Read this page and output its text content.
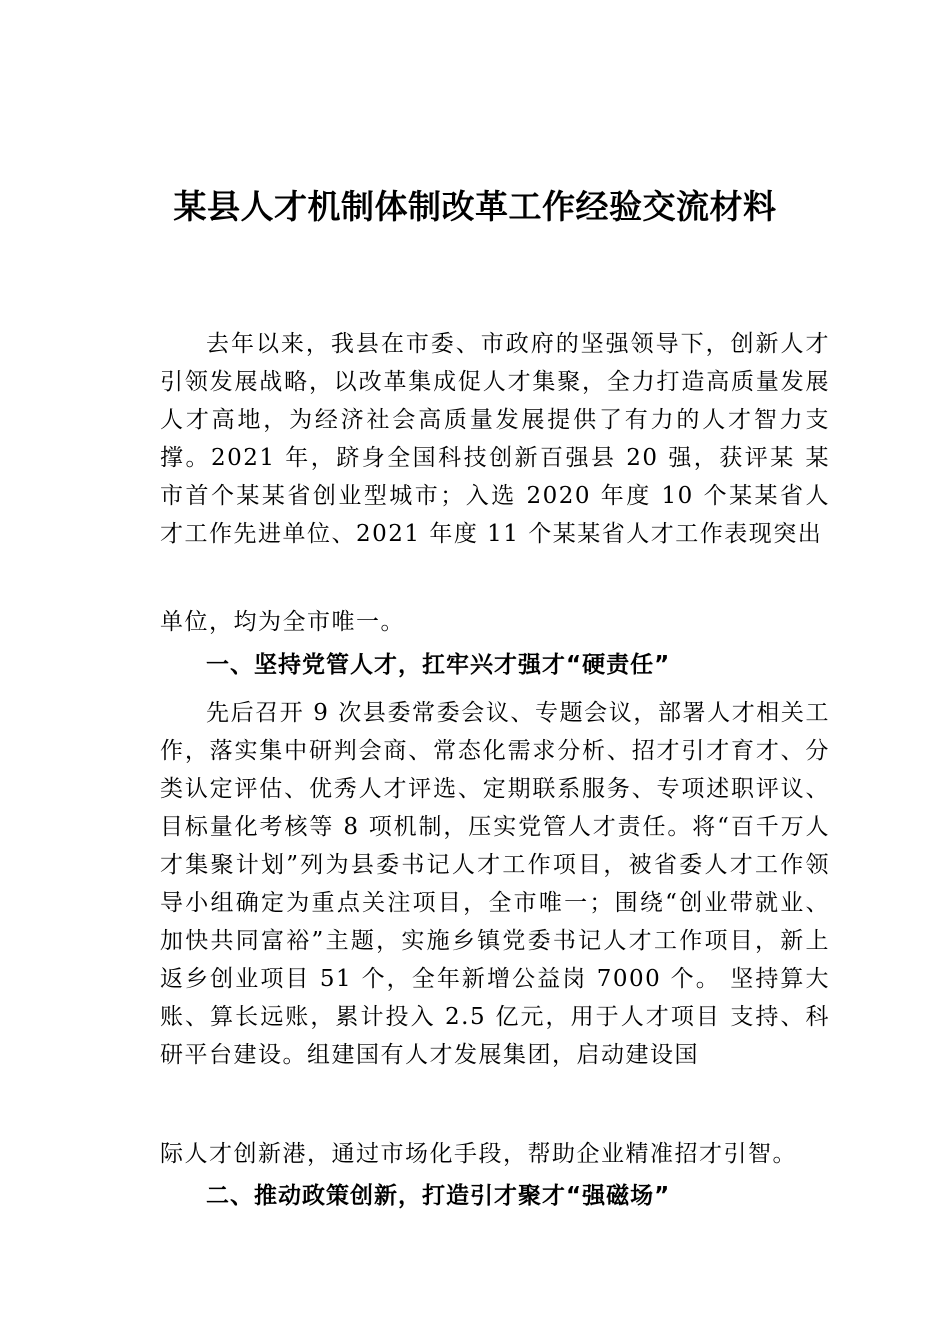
某县人才机制体制改革工作经验交流材料

去年以来，我县在市委、市政府的坚强领导下，创新人才引领发展战略，以改革集成促人才集聚，全力打造高质量发展人才高地，为经济社会高质量发展提供了有力的人才智力支撑。2021 年，跻身全国科技创新百强县 20 强，获评某 某市首个某某省创业型城市；入选 2020 年度 10 个某某省人 才工作先进单位、2021 年度 11 个某某省人才工作表现突出

单位，均为全市唯一。

一、坚持党管人才，扛牢兴才强才“硬责任”

先后召开 9 次县委常委会议、专题会议，部署人才相关工作，落实集中研判会商、常态化需求分析、招才引才育才、分类认定评估、优秀人才评选、定期联系服务、专项述职评议、目标量化考核等 8 项机制，压实党管人才责任。将“百千万人才集聚计划”列为县委书记人才工作项目，被省委人才工作领导小组确定为重点关注项目，全市唯一；围绕“创业带就业、加快共同富裕”主题，实施乡镇党委书记人才工作项目，新上返乡创业项目 51 个，全年新增公益岗 7000 个。 坚持算大账、算长远账，累计投入 2.5 亿元，用于人才项目 支持、科研平台建设。组建国有人才发展集团，启动建设国

际人才创新港，通过市场化手段，帮助企业精准招才引智。

二、推动政策创新，打造引才聚才“强磁场”
